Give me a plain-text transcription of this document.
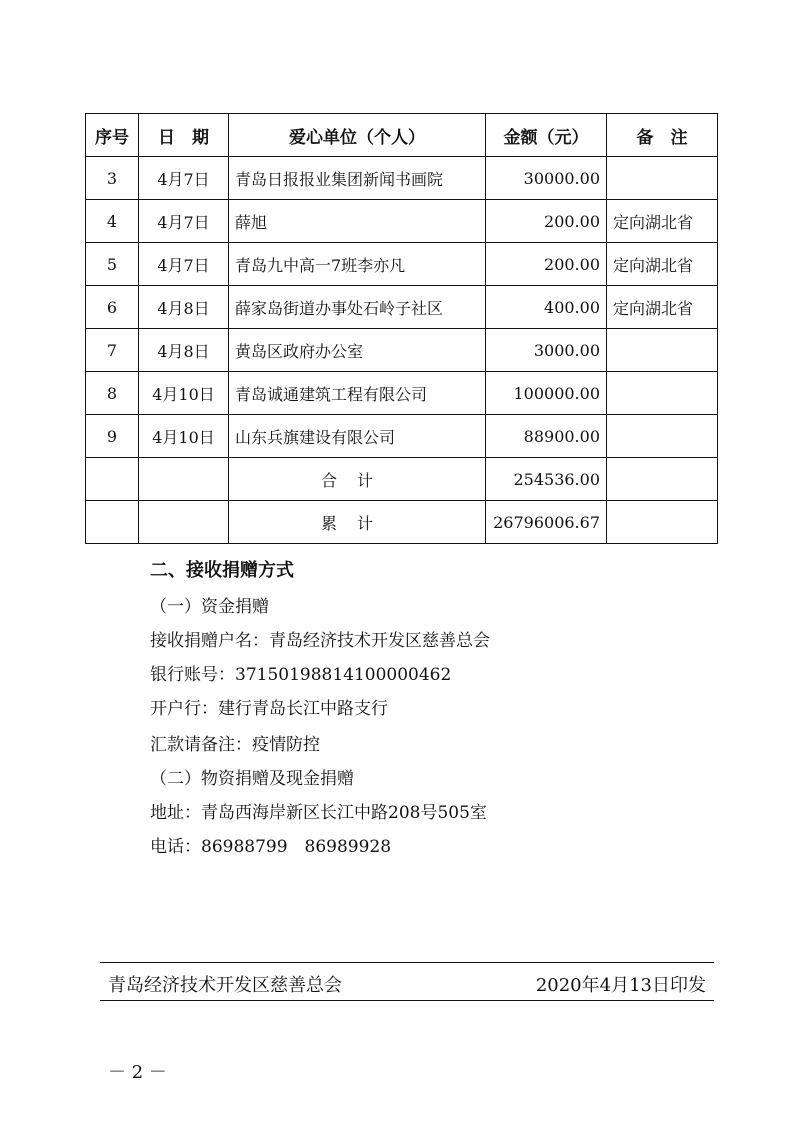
序号	日　期	爱心单位（个人）	金额（元）	备　注
3	4月7日	青岛日报报业集团新闻书画院	30000.00	
4	4月7日	薛旭	200.00	定向湖北省
5	4月7日	青岛九中高一7班李亦凡	200.00	定向湖北省
6	4月8日	薛家岛街道办事处石岭子社区	400.00	定向湖北省
7	4月8日	黄岛区政府办公室	3000.00	
8	4月10日	青岛诚通建筑工程有限公司	100000.00	
9	4月10日	山东兵旗建设有限公司	88900.00	
		合计	254536.00	
		累计	26796006.67	
二、接收捐赠方式
（一）资金捐赠
接收捐赠户名：青岛经济技术开发区慈善总会
银行账号：37150198814100000462
开户行：建行青岛长江中路支行
汇款请备注：疫情防控
（二）物资捐赠及现金捐赠
地址：青岛西海岸新区长江中路208号505室
电话：86988799　86989928
青岛经济技术开发区慈善总会	2020年4月13日印发
－ 2 －
